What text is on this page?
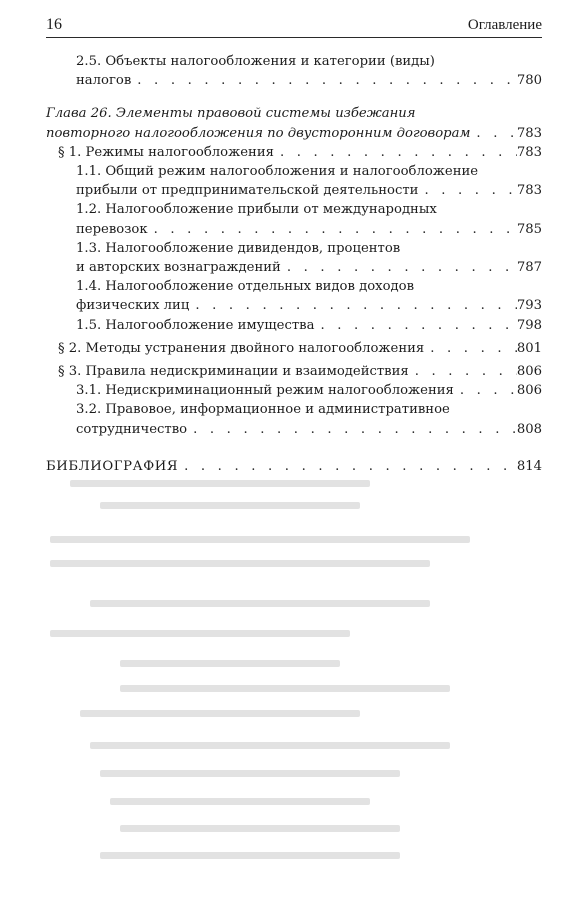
16	Оглавление
2.5. Объекты налогообложения и категории (виды)
налогов . . .	780
Глава 26. Элементы правовой системы избежания
повторного налогообложения по двусторонним договорам . . .	783
§ 1. Режимы налогообложения . . .	783
1.1. Общий режим налогообложения и налогообложение
прибыли от предпринимательской деятельности . . .	783
1.2. Налогообложение прибыли от международных
перевозок . . .	785
1.3. Налогообложение дивидендов, процентов
и авторских вознаграждений . . .	787
1.4. Налогообложение отдельных видов доходов
физических лиц . . .	793
1.5. Налогообложение имущества . . .	798
§ 2. Методы устранения двойного налогообложения . . .	801
§ 3. Правила недискриминации и взаимодействия . . .	806
3.1. Недискриминационный режим налогообложения . . .	806
3.2. Правовое, информационное и административное
сотрудничество . . .	808
БИБЛИОГРАФИЯ . . .	814
